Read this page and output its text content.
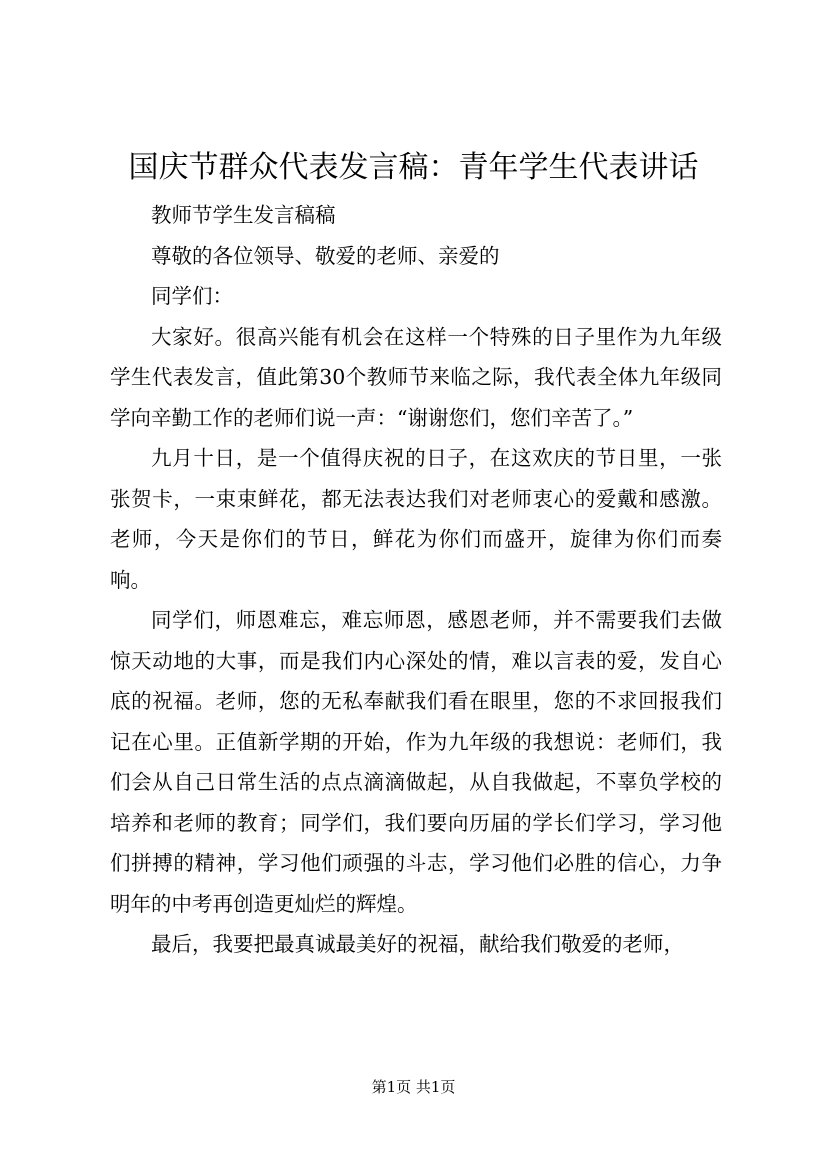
国庆节群众代表发言稿：青年学生代表讲话

教师节学生发言稿稿

尊敬的各位领导、敬爱的老师、亲爱的

同学们：

大家好。很高兴能有机会在这样一个特殊的日子里作为九年级学生代表发言，值此第30个教师节来临之际，我代表全体九年级同学向辛勤工作的老师们说一声：“谢谢您们，您们辛苦了。”

九月十日，是一个值得庆祝的日子，在这欢庆的节日里，一张张贺卡，一束束鲜花，都无法表达我们对老师衷心的爱戴和感激。老师，今天是你们的节日，鲜花为你们而盛开，旋律为你们而奏响。

同学们，师恩难忘，难忘师恩，感恩老师，并不需要我们去做惊天动地的大事，而是我们内心深处的情，难以言表的爱，发自心底的祝福。老师，您的无私奉献我们看在眼里，您的不求回报我们记在心里。正值新学期的开始，作为九年级的我想说：老师们，我们会从自己日常生活的点点滴滴做起，从自我做起，不辜负学校的培养和老师的教育；同学们，我们要向历届的学长们学习，学习他们拼搏的精神，学习他们顽强的斗志，学习他们必胜的信心，力争明年的中考再创造更灿烂的辉煌。

最后，我要把最真诚最美好的祝福，献给我们敬爱的老师，

第1页 共1页
